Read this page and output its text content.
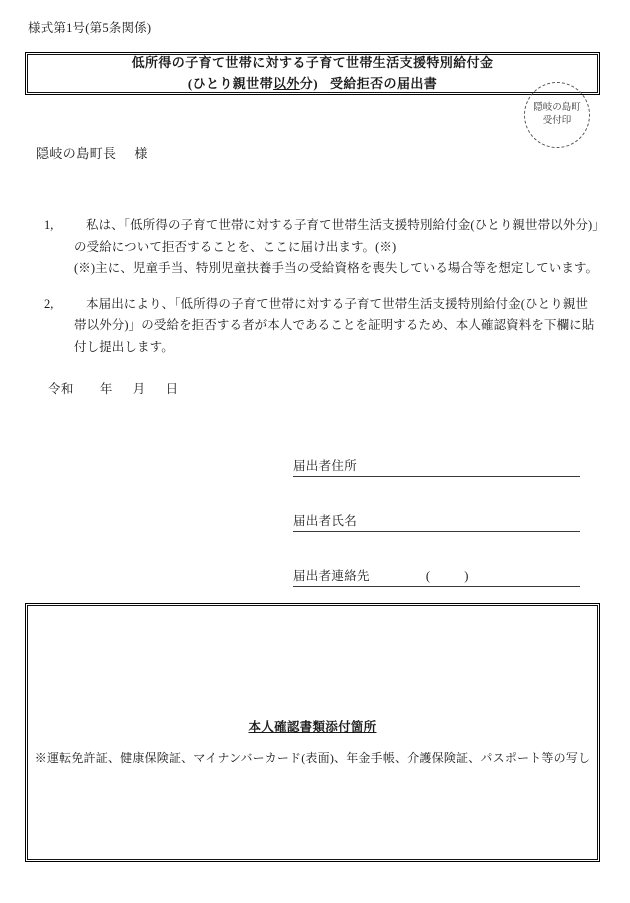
様式第1号(第5条関係)
低所得の子育て世帯に対する子育て世帯生活支援特別給付金
(ひとり親世帯以外分) 受給拒否の届出書
隠岐の島町
受付印
隠岐の島町長 様
1,	私は、「低所得の子育て世帯に対する子育て世帯生活支援特別給付金(ひとり親世帯以外分)」

の受給について拒否することを、ここに届け出ます。(※)

(※)主に、児童手当、特別児童扶養手当の受給資格を喪失している場合等を想定しています。

2,	本届出により、「低所得の子育て世帯に対する子育て世帯生活支援特別給付金(ひとり親世

帯以外分)」の受給を拒否する者が本人であることを証明するため、本人確認資料を下欄に貼

付し提出します。

令和 年 月 日
届出者住所
届出者氏名
届出者連絡先	(	)
本人確認書類添付箇所
※運転免許証、健康保険証、マイナンバーカード(表面)、年金手帳、介護保険証、パスポート等の写し
